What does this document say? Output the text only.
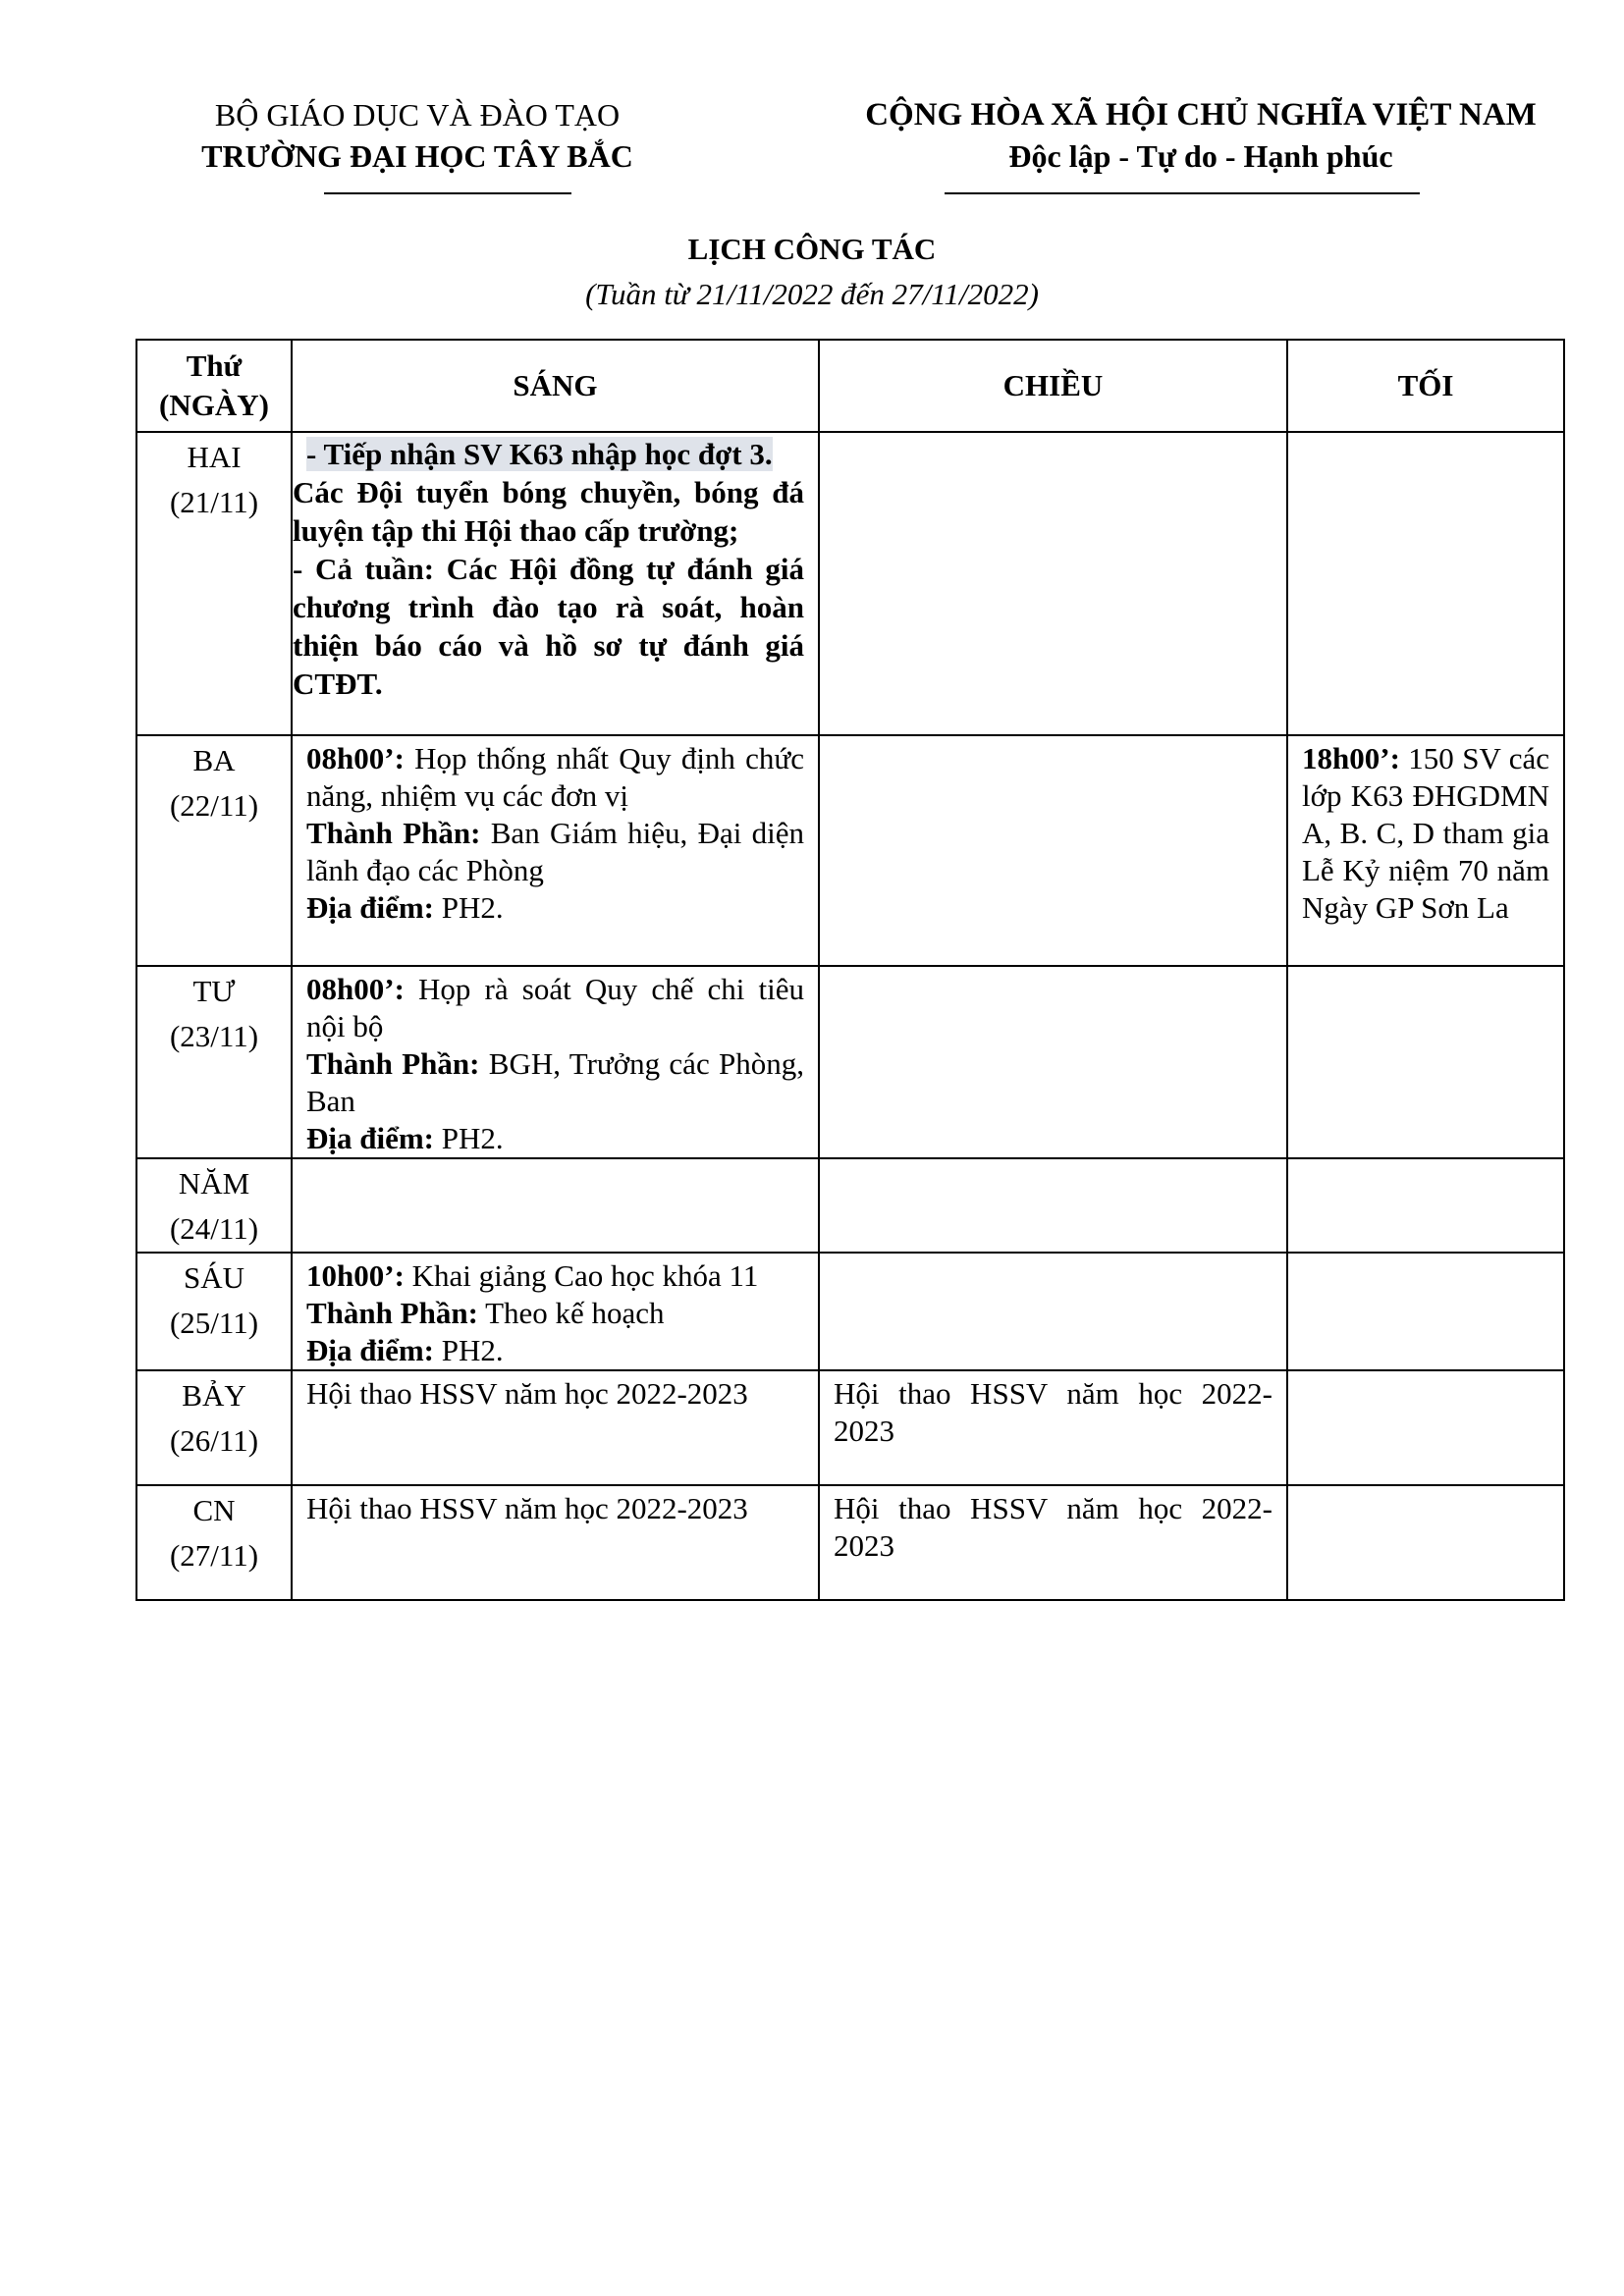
BỘ GIÁO DỤC VÀ ĐÀO TẠO
TRƯỜNG ĐẠI HỌC TÂY BẮC
CỘNG HÒA XÃ HỘI CHỦ NGHĨA VIỆT NAM
Độc lập - Tự do - Hạnh phúc
LỊCH CÔNG TÁC
(Tuần từ 21/11/2022 đến 27/11/2022)
Thứ
(NGÀY)	SÁNG	CHIỀU	TỐI

HAI
(21/11)	- Tiếp nhận SV K63 nhập học đợt 3.
Các Đội tuyển bóng chuyền, bóng đá luyện tập thi Hội thao cấp trường;
- Cả tuần: Các Hội đồng tự đánh giá chương trình đào tạo rà soát, hoàn thiện báo cáo và hồ sơ tự đánh giá CTĐT.		

BA
(22/11)	08h00’: Họp thống nhất Quy định chức năng, nhiệm vụ các đơn vị
Thành Phần: Ban Giám hiệu, Đại diện lãnh đạo các Phòng
Địa điểm: PH2.		18h00’: 150 SV các lớp K63 ĐHGDMN A, B. C, D tham gia Lễ Kỷ niệm 70 năm Ngày GP Sơn La

TƯ
(23/11)	08h00’: Họp rà soát Quy chế chi tiêu nội bộ
Thành Phần: BGH, Trưởng các Phòng, Ban
Địa điểm: PH2.		

NĂM
(24/11)			

SÁU
(25/11)	10h00’: Khai giảng Cao học khóa 11
Thành Phần: Theo kế hoạch
Địa điểm: PH2.		

BẢY
(26/11)	Hội thao HSSV năm học 2022-2023	Hội thao HSSV năm học 2022-2023	

CN
(27/11)	Hội thao HSSV năm học 2022-2023	Hội thao HSSV năm học 2022-2023	
